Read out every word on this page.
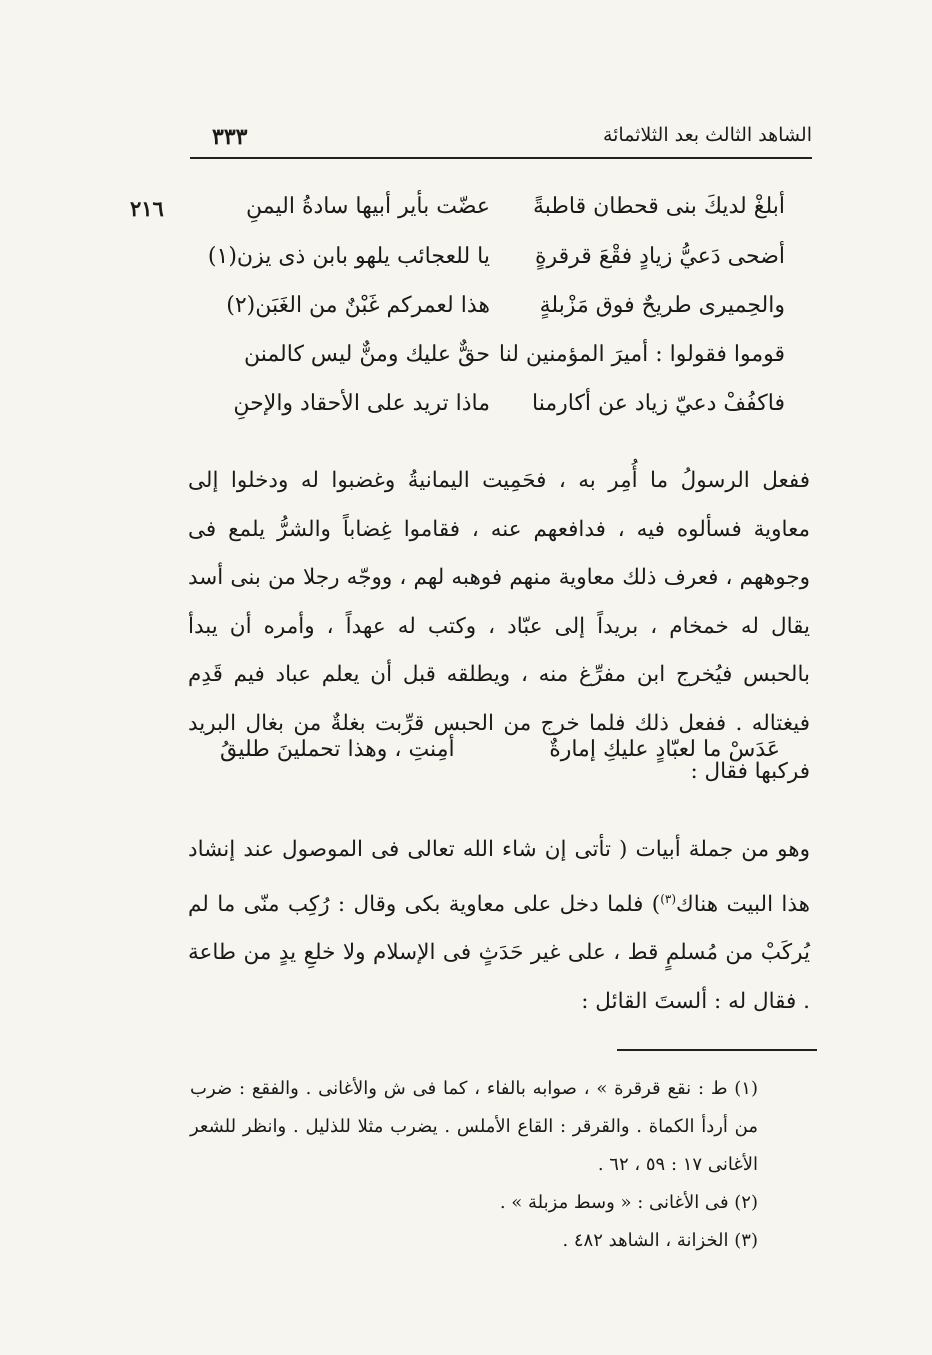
الشاهد الثالث بعد الثلاثمائة
٣٣٣
٢١٦	أبلغْ لديكَ بنى قحطان قاطبةً
عضّت بأير أبيها سادةُ اليمنِ
أضحى دَعيُّ زيادٍ فقْعَ قرقرةٍ
يا للعجائب يلهو بابن ذى يزن(١)
والحِميرى طريحٌ فوق مَزْبلةٍ
هذا لعمركم غَبْنٌ من الغَبَن(٢)
قوموا فقولوا : أميرَ المؤمنين لنا
حقٌّ عليك ومنٌّ ليس كالمنن
فاكفُفْ دعيّ زياد عن أكارمنا
ماذا تريد على الأحقاد والإحنِ
ففعل الرسولُ ما أُمِر به ، فحَمِيت اليمانيةُ وغضبوا له ودخلوا إلى معاوية فسألوه فيه ، فدافعهم عنه ، فقاموا غِضاباً والشرُّ يلمع فى وجوههم ، فعرف ذلك معاوية منهم فوهبه لهم ، ووجّه رجلا من بنى أسد يقال له خمخام ، بريداً إلى عبّاد ، وكتب له عهداً ، وأمره أن يبدأ بالحبس فيُخرج ابن مفرِّغ منه ، ويطلقه قبل أن يعلم عباد فيم قَدِم فيغتاله . ففعل ذلك فلما خرج من الحبس قرِّبت بغلةٌ من بغال البريد فركبها فقال :
عَدَسْ ما لعبّادٍ عليكِ إمارةٌ
أمِنتِ ، وهذا تحملينَ طليقُ
وهو من جملة أبيات ( تأتى إن شاء الله تعالى فى الموصول عند إنشاد هذا البيت هناك$^{(٣)}$) فلما دخل على معاوية بكى وقال : رُكِب منّى ما لم يُركَبْ من مُسلمٍ قط ، على غير حَدَثٍ فى الإسلام ولا خلعِ يدٍ من طاعة . فقال له : ألستَ القائل :

(١) ط : نقع قرقرة » ، صوابه بالفاء ، كما فى ش والأغانى . والفقع : ضرب من أردأ الكماة . والقرقر : القاع الأملس . يضرب مثلا للذليل . وانظر للشعر الأغانى ١٧ : ٥٩ ، ٦٢ .

(٢) فى الأغانى : « وسط مزبلة » .

(٣) الخزانة ، الشاهد ٤٨٢ .
